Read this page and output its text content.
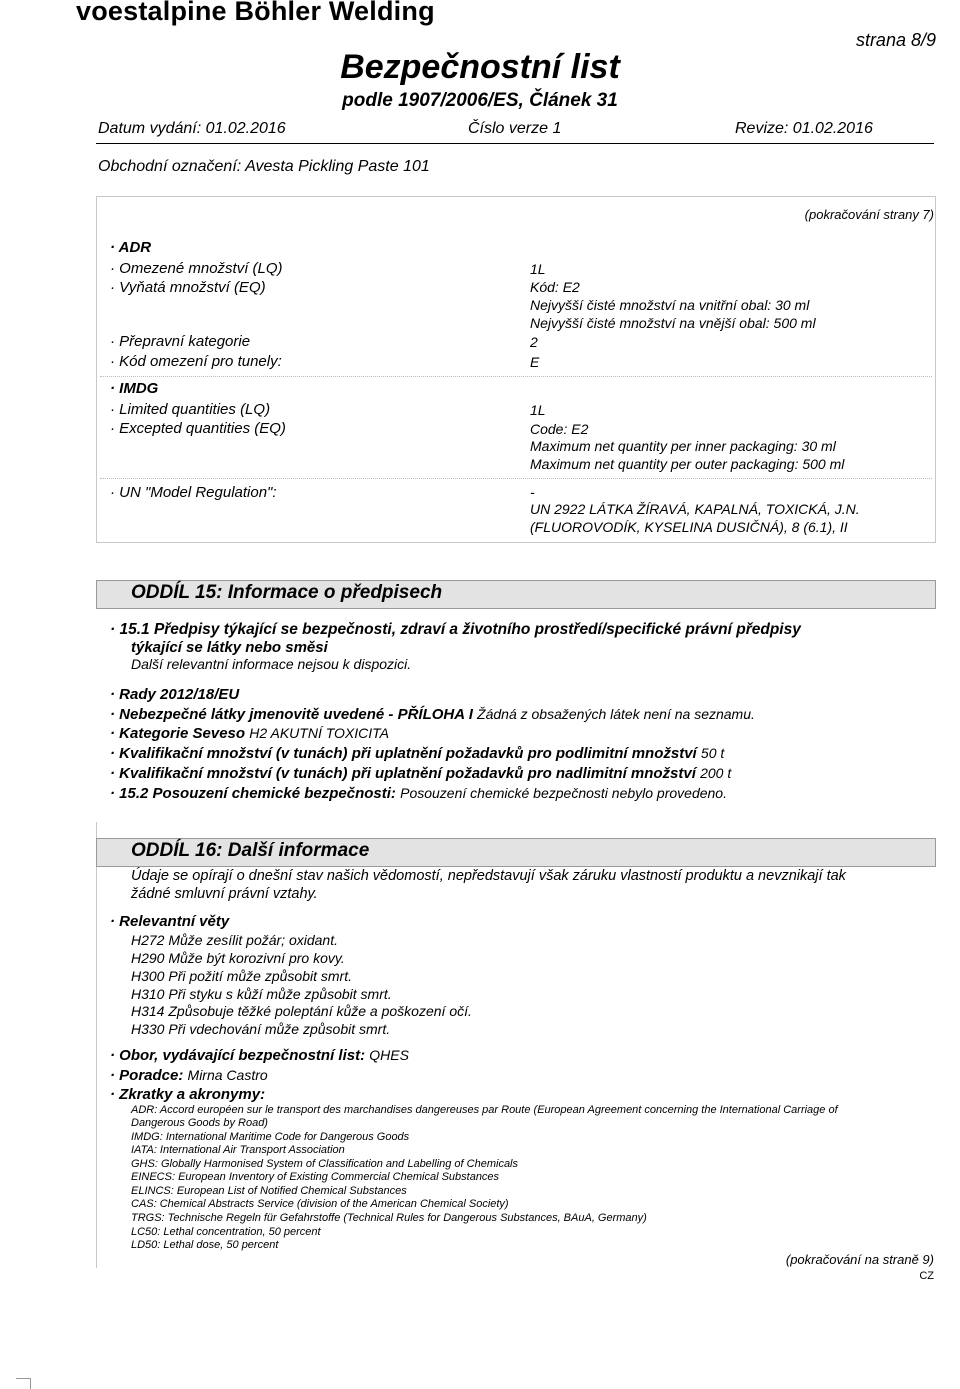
voestalpine Böhler Welding
strana 8/9
Bezpečnostní list
podle 1907/2006/ES, Článek 31
Datum vydání: 01.02.2016	Číslo verze 1	Revize: 01.02.2016
Obchodní označení: Avesta Pickling Paste 101
(pokračování strany 7)
· ADR
· Omezené množství (LQ)	1L
· Vyňatá množství (EQ)	Kód: E2
Nejvyšší čisté množství na vnitřní obal: 30 ml
Nejvyšší čisté množství na vnější obal: 500 ml
· Přepravní kategorie	2
· Kód omezení pro tunely:	E
· IMDG
· Limited quantities (LQ)	1L
· Excepted quantities (EQ)	Code: E2
Maximum net quantity per inner packaging: 30 ml
Maximum net quantity per outer packaging: 500 ml
· UN "Model Regulation":	-
UN 2922 LÁTKA ŽÍRAVÁ, KAPALNÁ, TOXICKÁ, J.N.
(FLUOROVODÍK, KYSELINA DUSIČNÁ), 8 (6.1), II
ODDÍL 15: Informace o předpisech
· 15.1 Předpisy týkající se bezpečnosti, zdraví a životního prostředí/specifické právní předpisy
týkající se látky nebo směsi
Další relevantní informace nejsou k dispozici.
· Rady 2012/18/EU
· Nebezpečné látky jmenovitě uvedené - PŘÍLOHA I Žádná z obsažených látek není na seznamu.
· Kategorie Seveso H2 AKUTNÍ TOXICITA
· Kvalifikační množství (v tunách) při uplatnění požadavků pro podlimitní množství 50 t
· Kvalifikační množství (v tunách) při uplatnění požadavků pro nadlimitní množství 200 t
· 15.2 Posouzení chemické bezpečnosti: Posouzení chemické bezpečnosti nebylo provedeno.
ODDÍL 16: Další informace
Údaje se opírají o dnešní stav našich vědomostí, nepředstavují však záruku vlastností produktu a nevznikají tak
žádné smluvní právní vztahy.
· Relevantní věty
H272 Může zesílit požár; oxidant.
H290 Může být korozivní pro kovy.
H300 Při požití může způsobit smrt.
H310 Při styku s kůží může způsobit smrt.
H314 Způsobuje těžké poleptání kůže a poškození očí.
H330 Při vdechování může způsobit smrt.
· Obor, vydávající bezpečnostní list: QHES
· Poradce: Mirna Castro
· Zkratky a akronymy:
ADR: Accord européen sur le transport des marchandises dangereuses par Route (European Agreement concerning the International Carriage of
Dangerous Goods by Road)
IMDG: International Maritime Code for Dangerous Goods
IATA: International Air Transport Association
GHS: Globally Harmonised System of Classification and Labelling of Chemicals
EINECS: European Inventory of Existing Commercial Chemical Substances
ELINCS: European List of Notified Chemical Substances
CAS: Chemical Abstracts Service (division of the American Chemical Society)
TRGS: Technische Regeln für Gefahrstoffe (Technical Rules for Dangerous Substances, BAuA, Germany)
LC50: Lethal concentration, 50 percent
LD50: Lethal dose, 50 percent
(pokračování na straně 9)
CZ
